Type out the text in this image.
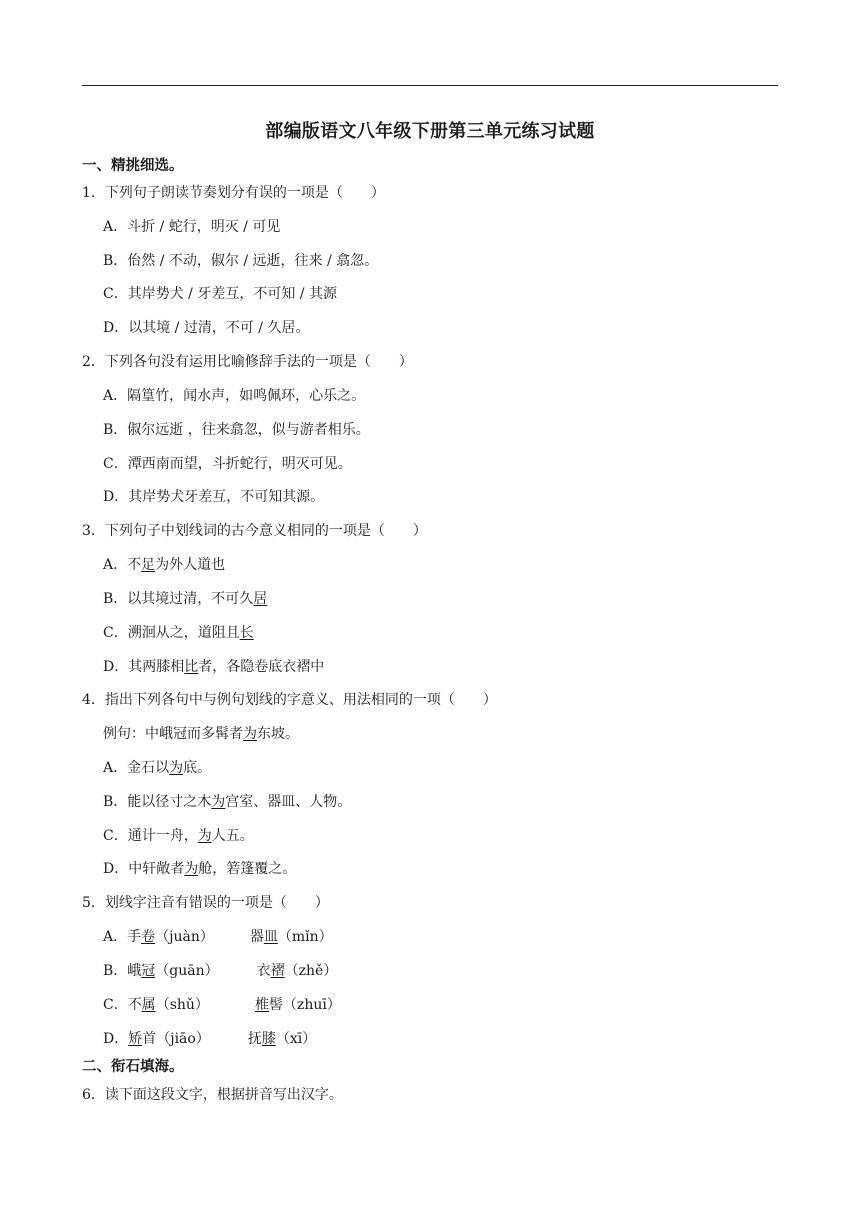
部编版语文八年级下册第三单元练习试题
一、精挑细选。
1．下列句子朗读节奏划分有误的一项是（　　）
A．斗折 / 蛇行，明灭 / 可见
B．佁然 / 不动，俶尔 / 远逝，往来 / 翕忽。
C．其岸势犬 / 牙差互，不可知 / 其源
D．以其境 / 过清，不可 / 久居。
2．下列各句没有运用比喻修辞手法的一项是（　　）
A．隔篁竹，闻水声，如鸣佩环，心乐之。
B．俶尔远逝 ，往来翕忽，似与游者相乐。
C．潭西南而望，斗折蛇行，明灭可见。
D．其岸势犬牙差互，不可知其源。
3．下列句子中划线词的古今意义相同的一项是（　　）
A．不足为外人道也
B．以其境过清，不可久居
C．溯洄从之，道阻且长
D．其两膝相比者，各隐卷底衣褶中
4．指出下列各句中与例句划线的字意义、用法相同的一项（　　）
例句：中峨冠而多髯者为东坡。
A．金石以为底。
B．能以径寸之木为宫室、器皿、人物。
C．通计一舟，为人五。
D．中轩敞者为舱，箬篷覆之。
5．划线字注音有错误的一项是（　　）
A．手卷（juàn）	器皿（mǐn）
B．峨冠（guān）	衣褶（zhě）
C．不属（shǔ）	椎髻（zhuī）
D．矫首（jiāo）	抚膝（xī）
二、衔石填海。
6．读下面这段文字，根据拼音写出汉字。
